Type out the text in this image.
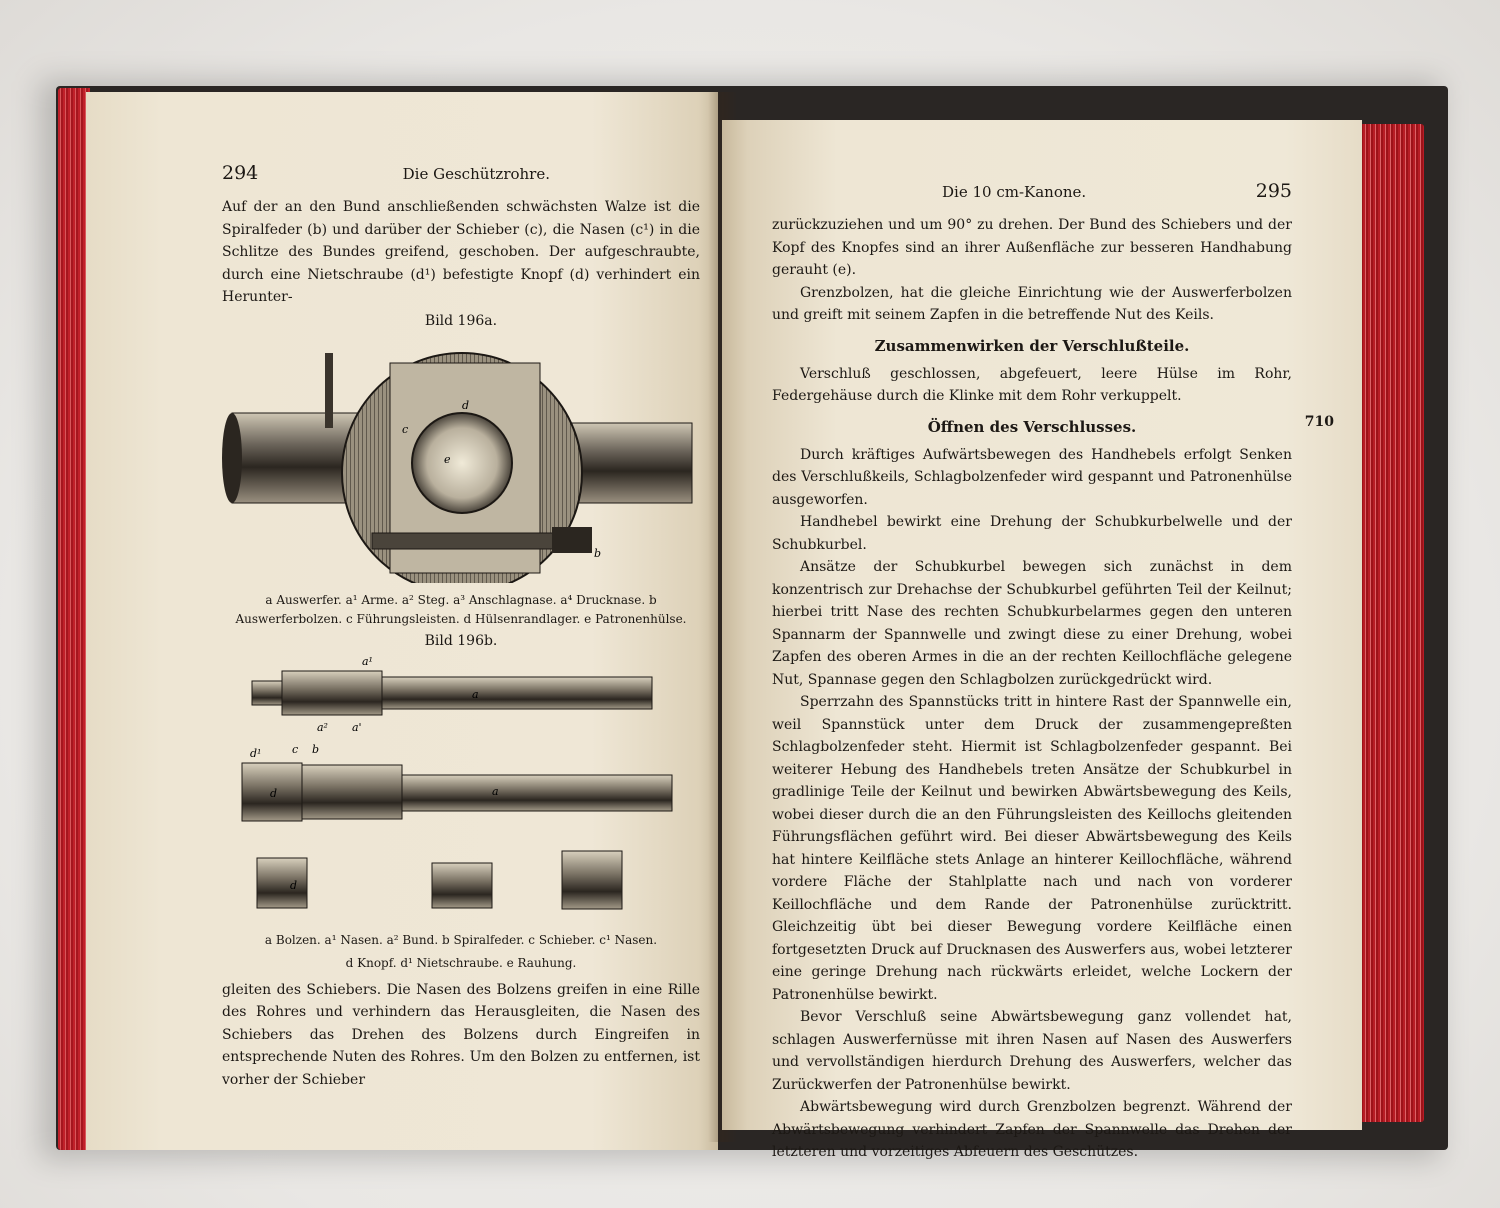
294	Die Geschützrohre.

Auf der an den Bund anschließenden schwächsten Walze ist die Spiralfeder (b) und darüber der Schieber (c), die Nasen (c¹) in die Schlitze des Bundes greifend, geschoben. Der aufgeschraubte, durch eine Nietschraube (d¹) befestigte Knopf (d) verhindert ein Herunter-

Bild 196a.
d
e
c
b
a Auswerfer. a¹ Arme. a² Steg. a³ Anschlagnase. a⁴ Drucknase. b Auswerferbolzen. c Führungsleisten. d Hülsenrandlager. e Patronenhülse.
Bild 196b.
a¹
a
a² a'
d¹	c b
d	a
d
a Bolzen. a¹ Nasen. a² Bund. b Spiralfeder. c Schieber. c¹ Nasen.
d Knopf. d¹ Nietschraube. e Rauhung.

gleiten des Schiebers. Die Nasen des Bolzens greifen in eine Rille des Rohres und verhindern das Herausgleiten, die Nasen des Schiebers das Drehen des Bolzens durch Eingreifen in entsprechende Nuten des Rohres. Um den Bolzen zu entfernen, ist vorher der Schieber

Die 10 cm-Kanone.	295

zurückzuziehen und um 90° zu drehen. Der Bund des Schiebers und der Kopf des Knopfes sind an ihrer Außenfläche zur besseren Handhabung gerauht (e).

Grenzbolzen, hat die gleiche Einrichtung wie der Auswerferbolzen und greift mit seinem Zapfen in die betreffende Nut des Keils.

Zusammenwirken der Verschlußteile.

Verschluß geschlossen, abgefeuert, leere Hülse im Rohr, Federgehäuse durch die Klinke mit dem Rohr verkuppelt.

Öffnen des Verschlusses.	710

Durch kräftiges Aufwärtsbewegen des Handhebels erfolgt Senken des Verschlußkeils, Schlagbolzenfeder wird gespannt und Patronenhülse ausgeworfen.

Handhebel bewirkt eine Drehung der Schubkurbelwelle und der Schubkurbel.

Ansätze der Schubkurbel bewegen sich zunächst in dem konzentrisch zur Drehachse der Schubkurbel geführten Teil der Keilnut; hierbei tritt Nase des rechten Schubkurbelarmes gegen den unteren Spannarm der Spannwelle und zwingt diese zu einer Drehung, wobei Zapfen des oberen Armes in die an der rechten Keillochfläche gelegene Nut, Spannase gegen den Schlagbolzen zurückgedrückt wird.

Sperrzahn des Spannstücks tritt in hintere Rast der Spannwelle ein, weil Spannstück unter dem Druck der zusammengepreßten Schlagbolzenfeder steht. Hiermit ist Schlagbolzenfeder gespannt. Bei weiterer Hebung des Handhebels treten Ansätze der Schubkurbel in gradlinige Teile der Keilnut und bewirken Abwärtsbewegung des Keils, wobei dieser durch die an den Führungsleisten des Keillochs gleitenden Führungsflächen geführt wird. Bei dieser Abwärtsbewegung des Keils hat hintere Keilfläche stets Anlage an hinterer Keillochfläche, während vordere Fläche der Stahlplatte nach und nach von vorderer Keillochfläche und dem Rande der Patronenhülse zurücktritt. Gleichzeitig übt bei dieser Bewegung vordere Keilfläche einen fortgesetzten Druck auf Drucknasen des Auswerfers aus, wobei letzterer eine geringe Drehung nach rückwärts erleidet, welche Lockern der Patronenhülse bewirkt.

Bevor Verschluß seine Abwärtsbewegung ganz vollendet hat, schlagen Auswerfernüsse mit ihren Nasen auf Nasen des Auswerfers und vervollständigen hierdurch Drehung des Auswerfers, welcher das Zurückwerfen der Patronenhülse bewirkt.

Abwärtsbewegung wird durch Grenzbolzen begrenzt. Während der Abwärtsbewegung verhindert Zapfen der Spannwelle das Drehen der letzteren und vorzeitiges Abfeuern des Geschützes.
